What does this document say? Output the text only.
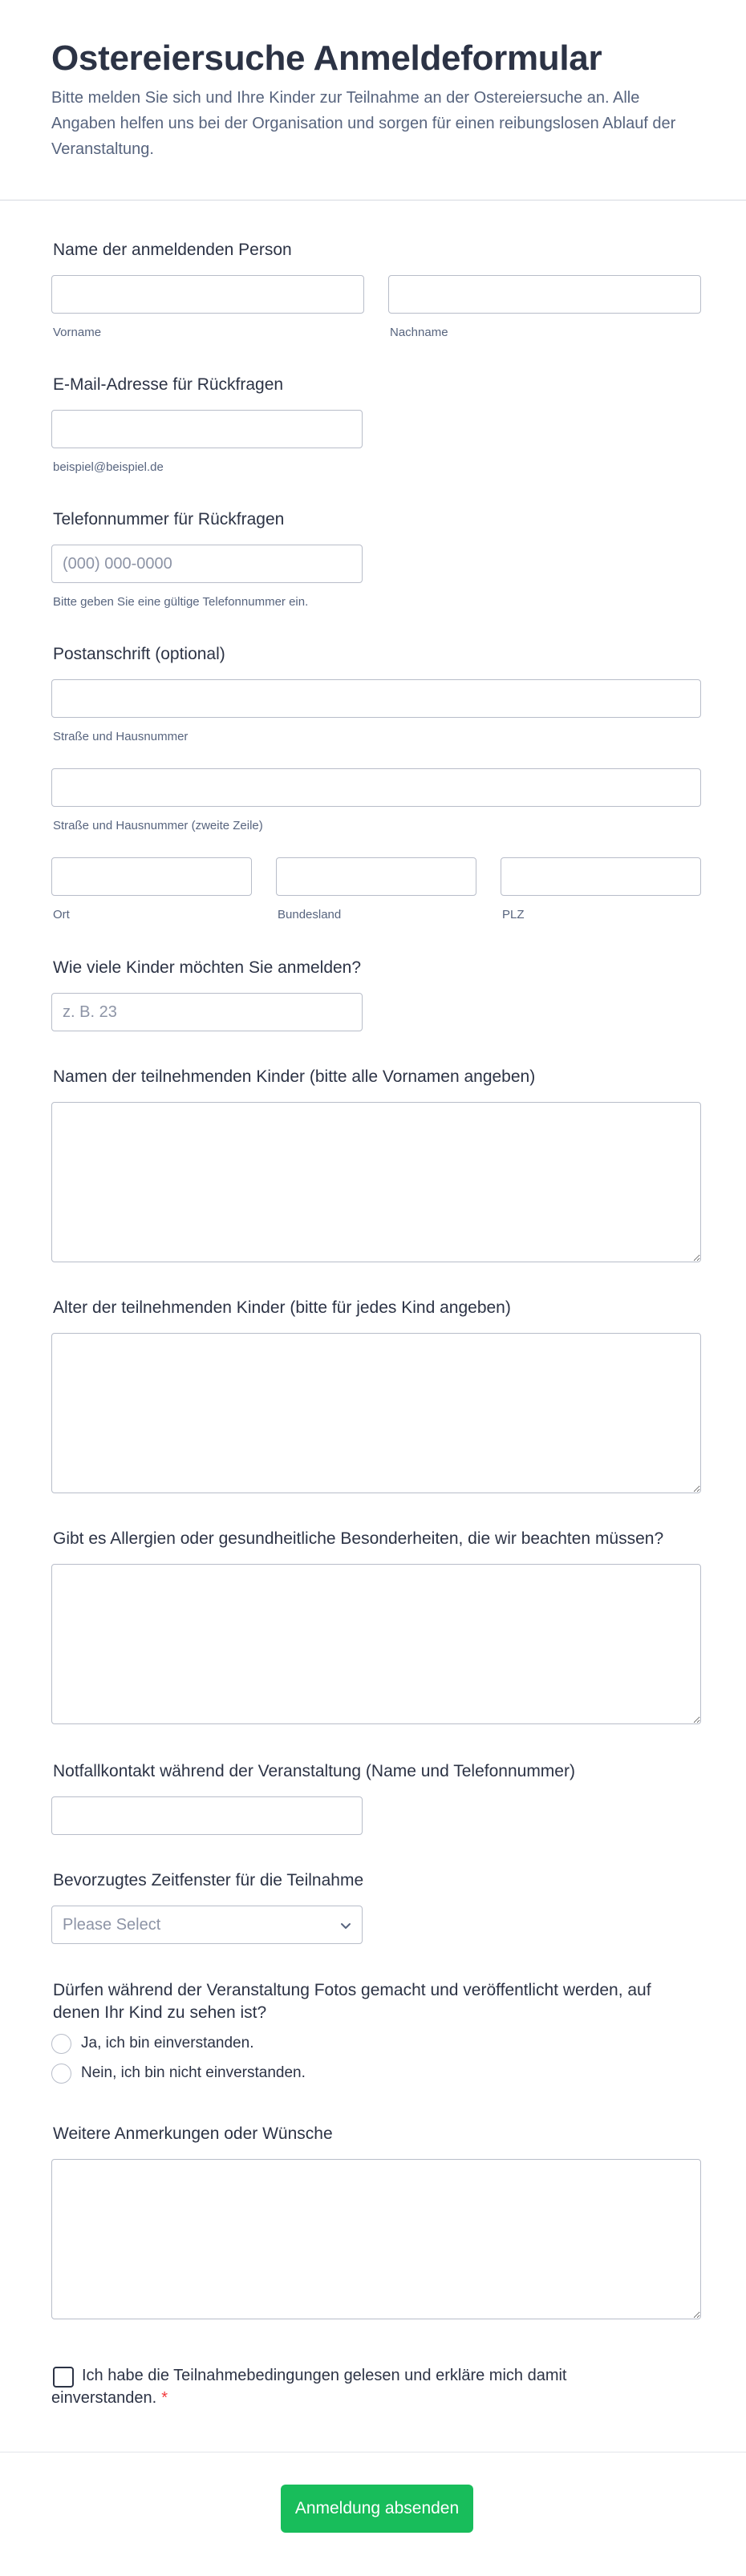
Ostereiersuche Anmeldeformular

Bitte melden Sie sich und Ihre Kinder zur Teilnahme an der Ostereiersuche an. Alle Angaben helfen uns bei der Organisation und sorgen für einen reibungslosen Ablauf der Veranstaltung.

Name der anmeldenden Person
Vorname	Nachname
E-Mail-Adresse für Rückfragen
beispiel@beispiel.de
Telefonnummer für Rückfragen
(000) 000-0000
Bitte geben Sie eine gültige Telefonnummer ein.
Postanschrift (optional)
Straße und Hausnummer
Straße und Hausnummer (zweite Zeile)
Ort	Bundesland	PLZ
Wie viele Kinder möchten Sie anmelden?
z. B. 23
Namen der teilnehmenden Kinder (bitte alle Vornamen angeben)
Alter der teilnehmenden Kinder (bitte für jedes Kind angeben)
Gibt es Allergien oder gesundheitliche Besonderheiten, die wir beachten müssen?
Notfallkontakt während der Veranstaltung (Name und Telefonnummer)
Bevorzugtes Zeitfenster für die Teilnahme
Please Select
Dürfen während der Veranstaltung Fotos gemacht und veröffentlicht werden, auf denen Ihr Kind zu sehen ist?
Ja, ich bin einverstanden.
Nein, ich bin nicht einverstanden.
Weitere Anmerkungen oder Wünsche
Ich habe die Teilnahmebedingungen gelesen und erkläre mich damit einverstanden. *
Anmeldung absenden
